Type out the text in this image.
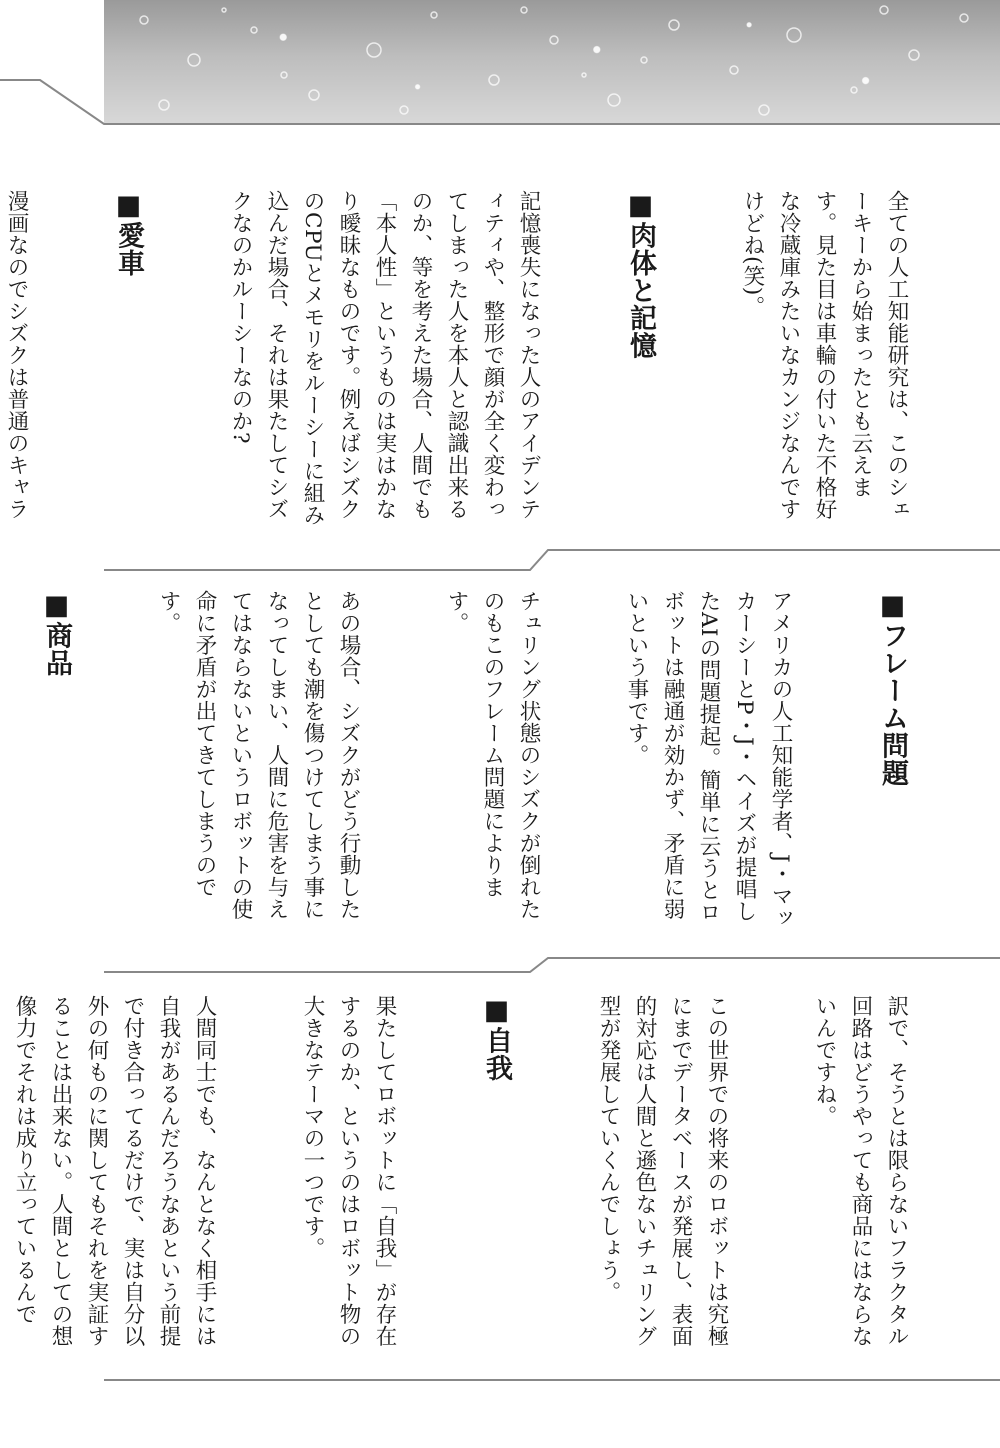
全ての人工知能研究は、このシェーキーから始まったとも云えます。見た目は車輪の付いた不格好な冷蔵庫みたいなカンジなんですけどね(笑)。

■肉体と記憶

記憶喪失になった人のアイデンティティや、整形で顔が全く変わってしまった人を本人と認識出来るのか、等を考えた場合、人間でも「本人性」というものは実はかなり曖昧なものです。例えばシズクのCPUとメモリをルーシーに組み込んだ場合、それは果たしてシズクなのかルーシーなのか?

■愛車

漫画なのでシズクは普通のキャラ

■フレーム問題

アメリカの人工知能学者、J・マッカーシーとP・J・ヘイズが提唱したAIの問題提起。簡単に云うとロボットは融通が効かず、矛盾に弱いという事です。

チュリング状態のシズクが倒れたのもこのフレーム問題によります。

あの場合、シズクがどう行動したとしても潮を傷つけてしまう事になってしまい、人間に危害を与えてはならないというロボットの使命に矛盾が出てきてしまうのです。

■商品

訳で、そうとは限らないフラクタル回路はどうやっても商品にはならないんですね。

この世界での将来のロボットは究極にまでデータベースが発展し、表面的対応は人間と遜色ないチュリング型が発展していくんでしょう。

■自我

果たしてロボットに「自我」が存在するのか、というのはロボット物の大きなテーマの一つです。

人間同士でも、なんとなく相手には自我があるんだろうなあという前提で付き合ってるだけで、実は自分以外の何ものに関してもそれを実証することは出来ない。人間としての想像力でそれは成り立っているんで
